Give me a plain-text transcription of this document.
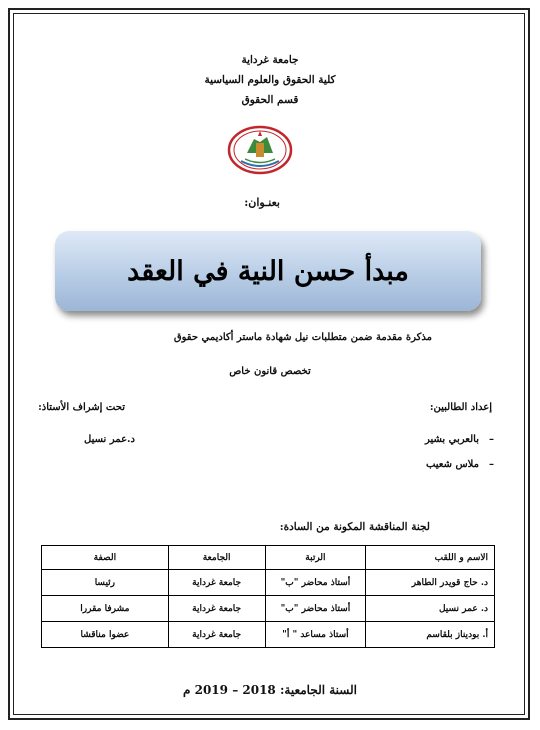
جامعة غرداية
كلية الحقوق والعلوم السياسية
قسم الحقوق
بعنـوان:
مبدأ حسن النية في العقد
مذكرة مقدمة ضمن متطلبات نيل شهادة ماستر أكاديمي حقوق
تخصص قانون خاص
إعداد الطالبين:
تحت إشراف الأستاذ:
–بالعربي بشير
–ملاس شعيب
د.عمر نسيل
لجنة المناقشة المكونة من السادة:
الاسم و اللقب	الرتبة	الجامعة	الصفة
د. حاج قويدر الطاهر	أستاذ محاضر "ب"	جامعة غرداية	رئيسا
د. عمر نسيل	أستاذ محاضر "ب"	جامعة غرداية	مشرفا مقررا
أ. بوديناز بلقاسم	أستاذ مساعد " أ"	جامعة غرداية	عضوا مناقشا
السنة الجامعية: 2018 – 2019 م
